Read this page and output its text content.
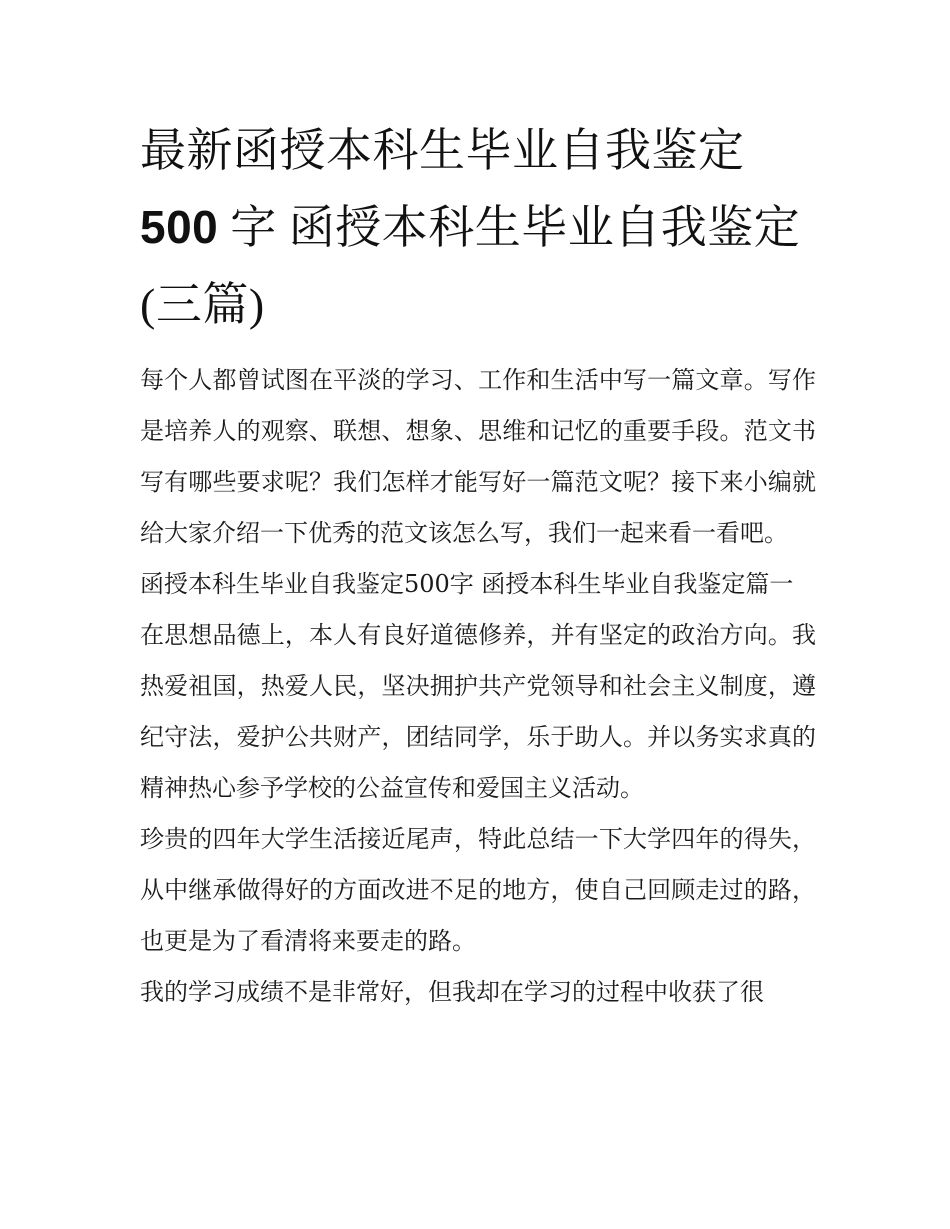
最新函授本科生毕业自我鉴定
500 字 函授本科生毕业自我鉴定(三篇)

每个人都曾试图在平淡的学习、工作和生活中写一篇文章。写作是培养人的观察、联想、想象、思维和记忆的重要手段。范文书写有哪些要求呢？我们怎样才能写好一篇范文呢？接下来小编就给大家介绍一下优秀的范文该怎么写，我们一起来看一看吧。

函授本科生毕业自我鉴定500字 函授本科生毕业自我鉴定篇一

在思想品德上，本人有良好道德修养，并有坚定的政治方向。我热爱祖国，热爱人民，坚决拥护共产党领导和社会主义制度，遵纪守法，爱护公共财产，团结同学，乐于助人。并以务实求真的精神热心参予学校的公益宣传和爱国主义活动。

珍贵的四年大学生活接近尾声，特此总结一下大学四年的得失，从中继承做得好的方面改进不足的地方，使自己回顾走过的路，也更是为了看清将来要走的路。

我的学习成绩不是非常好，但我却在学习的过程中收获了很
